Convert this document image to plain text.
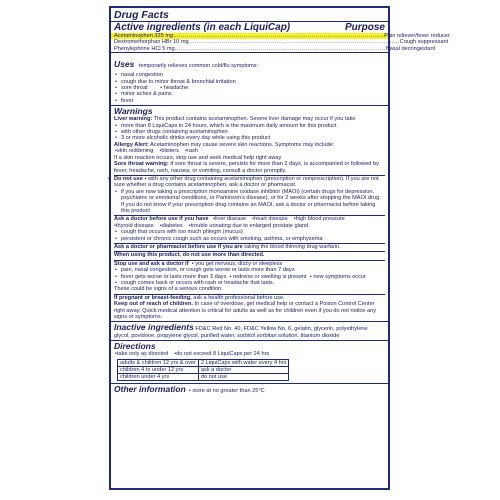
Drug Facts
Active ingredients (in each LiquiCap)	Purpose
Acetaminophen 325 mg ............................................................................................................ Pain reliever/fever reducer
Dextromethorphan HBr 10 mg ............................................................................................................ Cough suppressant
Phenylephrine HCl 5 mg ............................................................................................................ Nasal decongestant
Uses temporarily relieves common cold/flu symptoms:
• nasal congestion
• cough due to minor throat & bronchial irritation
• sore throat        • headache
• minor aches & pains
• fever
Warnings
Liver warning: This product contains acetaminophen. Severe liver damage may occur if you take
• more than 8 LiquiCaps in 24 hours, which is the maximum daily amount for this product
• with other drugs containing acetaminophen
• 3 or more alcoholic drinks every day while using this product
Allergy Alert: Acetaminophen may cause severe skin reactions. Symptoms may include:
• skin reddening • blisters • rash
If a skin reaction occurs, stop use and seek medical help right away
Sore throat warning: If sore throat is severe, persists for more than 2 days, is accompanied or followed by fever, headache, rash, nausea, or vomiting, consult a doctor promptly.
• Do not use • with any other drug containing acetaminophen (prescription or nonprescription). If you are not sure whether a drug contains acetaminophen, ask a doctor or pharmacist.
• if you are now taking a prescription monoamine oxidase inhibitor (MAOI) (certain drugs for depression, psychiatric or emotional conditions, or Parkinson's disease), or for 2 weeks after stopping the MAOI drug. If you do not know if your prescription drug contains an MAOI, ask a doctor or pharmacist before taking this product
Ask a doctor before use if you have • liver disease • heart disease • high blood pressure
• thyroid disease • diabetes • trouble urinating due to enlarged prostate gland
• cough that occurs with too much phlegm (mucus)
• persistent or chronic cough such as occurs with smoking, asthma, or emphysema
Ask a doctor or pharmacist before use if you are taking the blood thinning drug warfarin.
When using this product, do not use more than directed.
Stop use and ask a doctor if  • you get nervous, dizzy or sleepless
• pain, nasal congestion, or cough gets worse or lasts more than 7 days
• fever gets worse or lasts more than 3 days  • redness or swelling is present  • new symptoms occur
• cough comes back or occurs with rash or headache that lasts.
These could be signs of a serious condition.
If pregnant or breast-feeding, ask a health professional before use.
Keep out of reach of children. In case of overdose, get medical help or contact a Poison Control Center right away. Quick medical attention is critical for adults as well as for children even if you do not notice any signs or symptoms.
Inactive ingredients FD&C Red No. 40, FD&C Yellow No. 6, gelatin, glycerin, polyethylene glycol, povidone, propylene glycol, purified water, sorbitol sorbitan solution, titanium dioxide
Directions
• take only as directed • do not exceed 8 LiquiCaps per 24 hrs
adults & children 12 yrs & over	2 LiquiCaps with water every 4 hrs
children 4 to under 12 yrs	ask a doctor
children under 4 yrs	do not use
Other information  • store at no greater than 25°C
